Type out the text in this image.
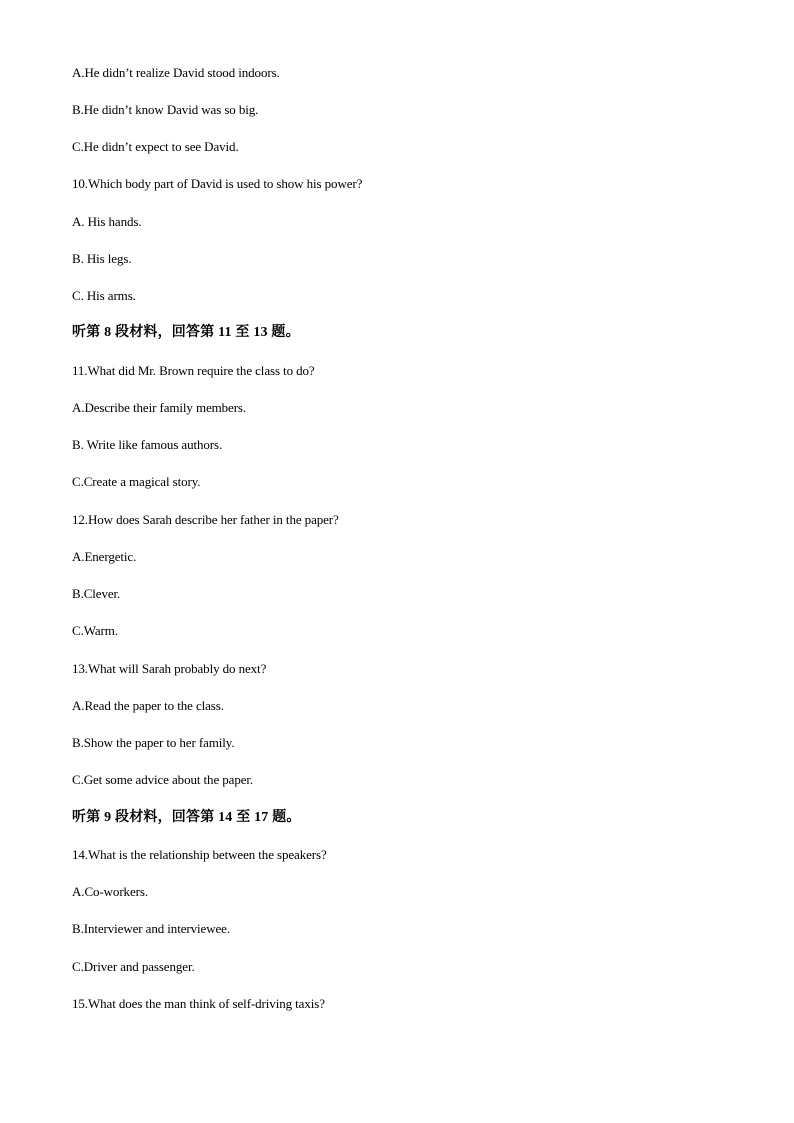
A.He didn’t realize David stood indoors.
B.He didn’t know David was so big.
C.He didn’t expect to see David.
10.Which body part of David is used to show his power?
A. His hands.
B. His legs.
C. His arms.
听第 8 段材料，回答第 11 至 13 题。
11.What did Mr. Brown require the class to do?
A.Describe their family members.
B. Write like famous authors.
C.Create a magical story.
12.How does Sarah describe her father in the paper?
A.Energetic.
B.Clever.
C.Warm.
13.What will Sarah probably do next?
A.Read the paper to the class.
B.Show the paper to her family.
C.Get some advice about the paper.
听第 9 段材料，回答第 14 至 17 题。
14.What is the relationship between the speakers?
A.Co-workers.
B.Interviewer and interviewee.
C.Driver and passenger.
15.What does the man think of self-driving taxis?
